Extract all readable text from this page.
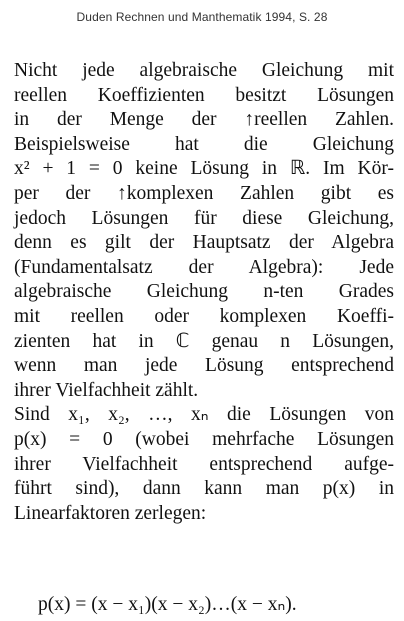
Duden Rechnen und Manthematik 1994, S. 28
Nicht jede algebraische Gleichung mit
reellen Koeffizienten besitzt Lösungen
in der Menge der ↑reellen Zahlen.
Beispielsweise hat die Gleichung
x² + 1 = 0 keine Lösung in ℝ. Im Kör-
per der ↑komplexen Zahlen gibt es
jedoch Lösungen für diese Gleichung,
denn es gilt der Hauptsatz der Algebra
(Fundamentalsatz der Algebra): Jede
algebraische Gleichung n-ten Grades
mit reellen oder komplexen Koeffi-
zienten hat in ℂ genau n Lösungen,
wenn man jede Lösung entsprechend
ihrer Vielfachheit zählt.
Sind x₁, x₂, …, xₙ die Lösungen von
p(x) = 0 (wobei mehrfache Lösungen
ihrer Vielfachheit entsprechend aufge-
führt sind), dann kann man p(x) in
Linearfaktoren zerlegen:
p(x) = (x − x₁)(x − x₂)…(x − xₙ).
